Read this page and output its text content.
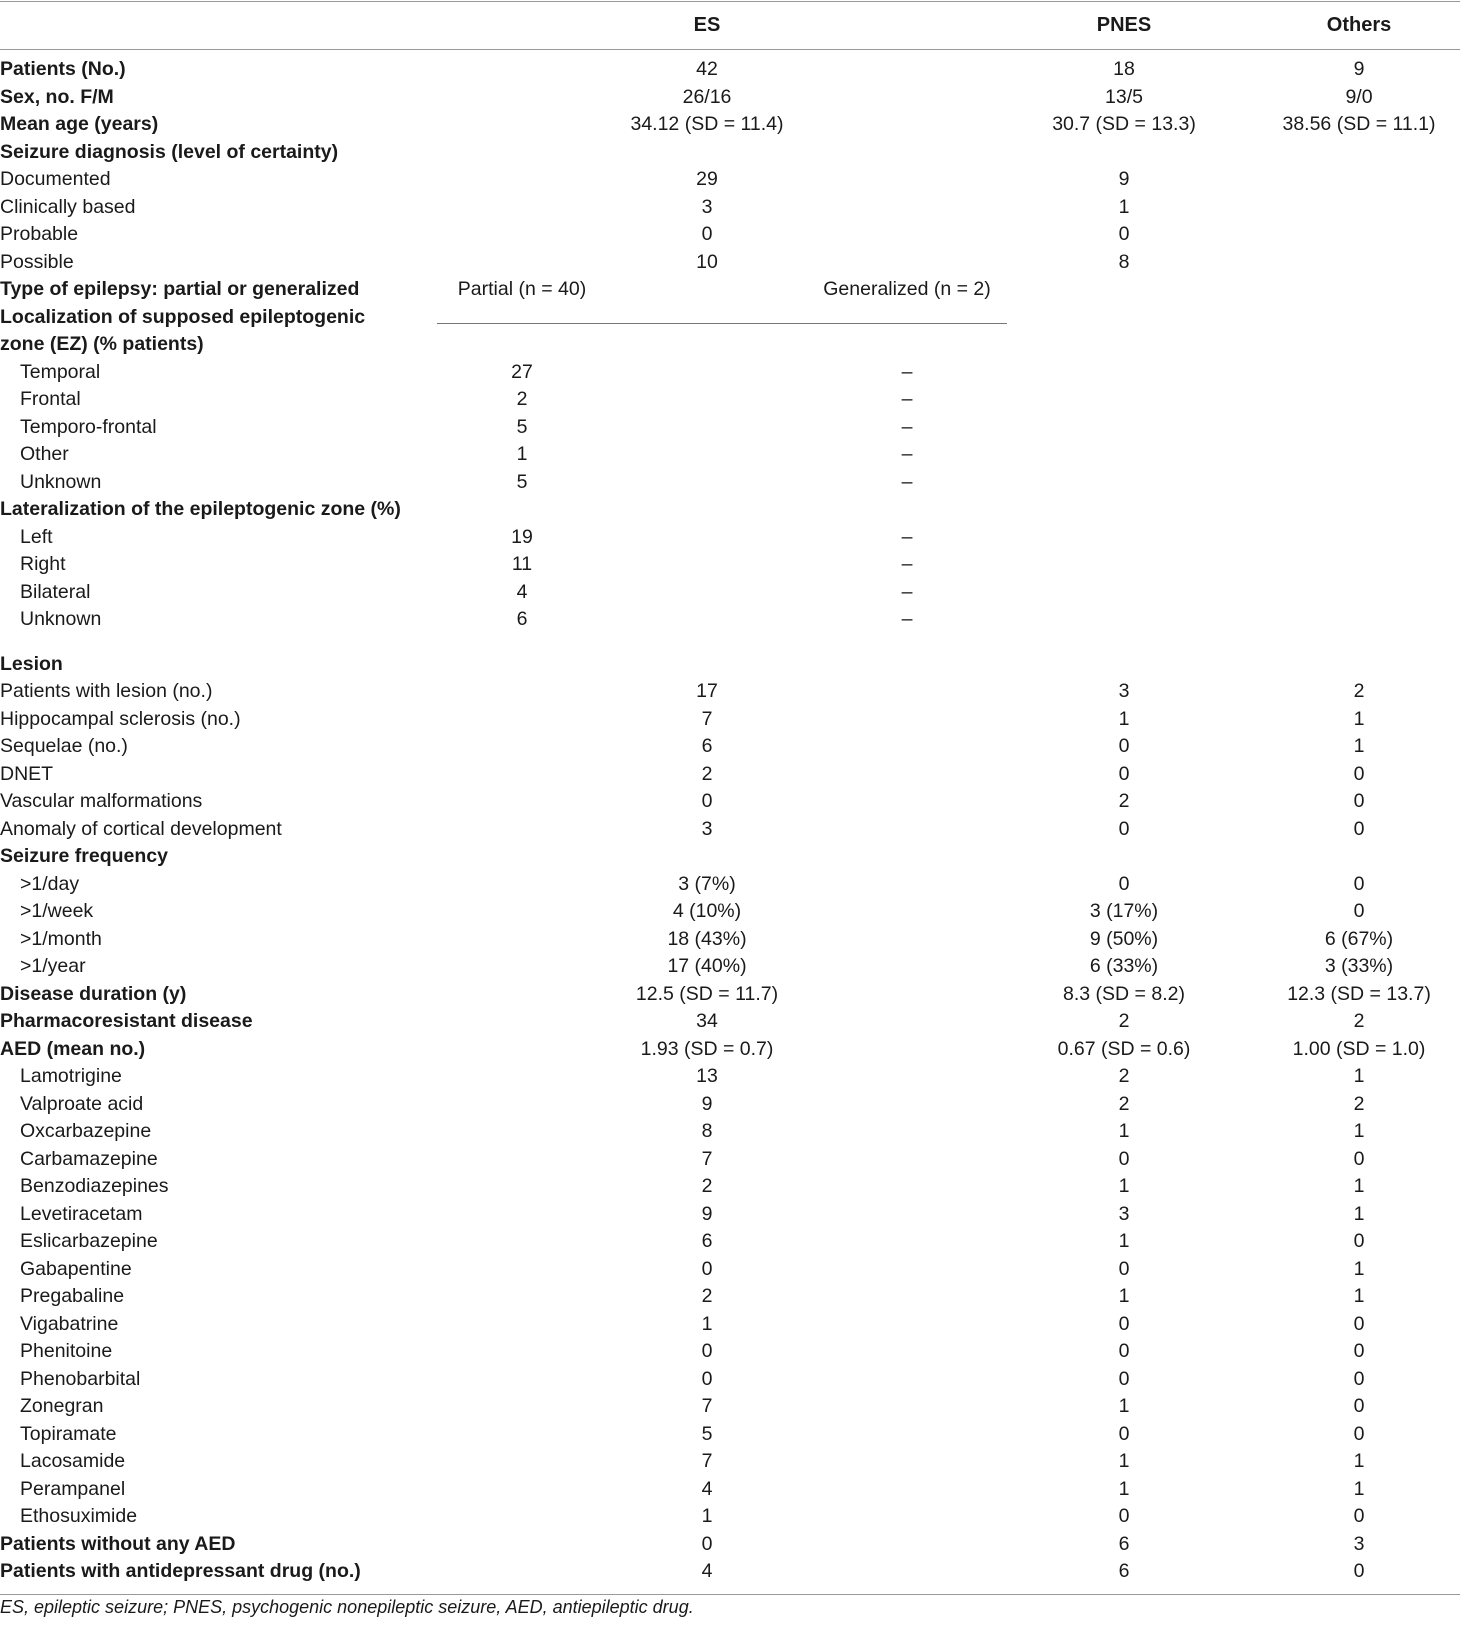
ES	PNES	Others
Patients (No.)	42	18	9
Sex, no. F/M	26/16	13/5	9/0
Mean age (years)	34.12 (SD = 11.4)	30.7 (SD = 13.3)	38.56 (SD = 11.1)
Seizure diagnosis (level of certainty)
Documented	29	9
Clinically based	3	1
Probable	0	0
Possible	10	8
Type of epilepsy: partial or generalized	Partial (n = 40)	Generalized (n = 2)
Localization of supposed epileptogenic
zone (EZ) (% patients)
Temporal	27	–
Frontal	2	–
Temporo-frontal	5	–
Other	1	–
Unknown	5	–
Lateralization of the epileptogenic zone (%)
Left	19	–
Right	11	–
Bilateral	4	–
Unknown	6	–
Lesion
Patients with lesion (no.)	17	3	2
Hippocampal sclerosis (no.)	7	1	1
Sequelae (no.)	6	0	1
DNET	2	0	0
Vascular malformations	0	2	0
Anomaly of cortical development	3	0	0
Seizure frequency
>1/day	3 (7%)	0	0
>1/week	4 (10%)	3 (17%)	0
>1/month	18 (43%)	9 (50%)	6 (67%)
>1/year	17 (40%)	6 (33%)	3 (33%)
Disease duration (y)	12.5 (SD = 11.7)	8.3 (SD = 8.2)	12.3 (SD = 13.7)
Pharmacoresistant disease	34	2	2
AED (mean no.)	1.93 (SD = 0.7)	0.67 (SD = 0.6)	1.00 (SD = 1.0)
Lamotrigine	13	2	1
Valproate acid	9	2	2
Oxcarbazepine	8	1	1
Carbamazepine	7	0	0
Benzodiazepines	2	1	1
Levetiracetam	9	3	1
Eslicarbazepine	6	1	0
Gabapentine	0	0	1
Pregabaline	2	1	1
Vigabatrine	1	0	0
Phenitoine	0	0	0
Phenobarbital	0	0	0
Zonegran	7	1	0
Topiramate	5	0	0
Lacosamide	7	1	1
Perampanel	4	1	1
Ethosuximide	1	0	0
Patients without any AED	0	6	3
Patients with antidepressant drug (no.)	4	6	0
ES, epileptic seizure; PNES, psychogenic nonepileptic seizure, AED, antiepileptic drug.
